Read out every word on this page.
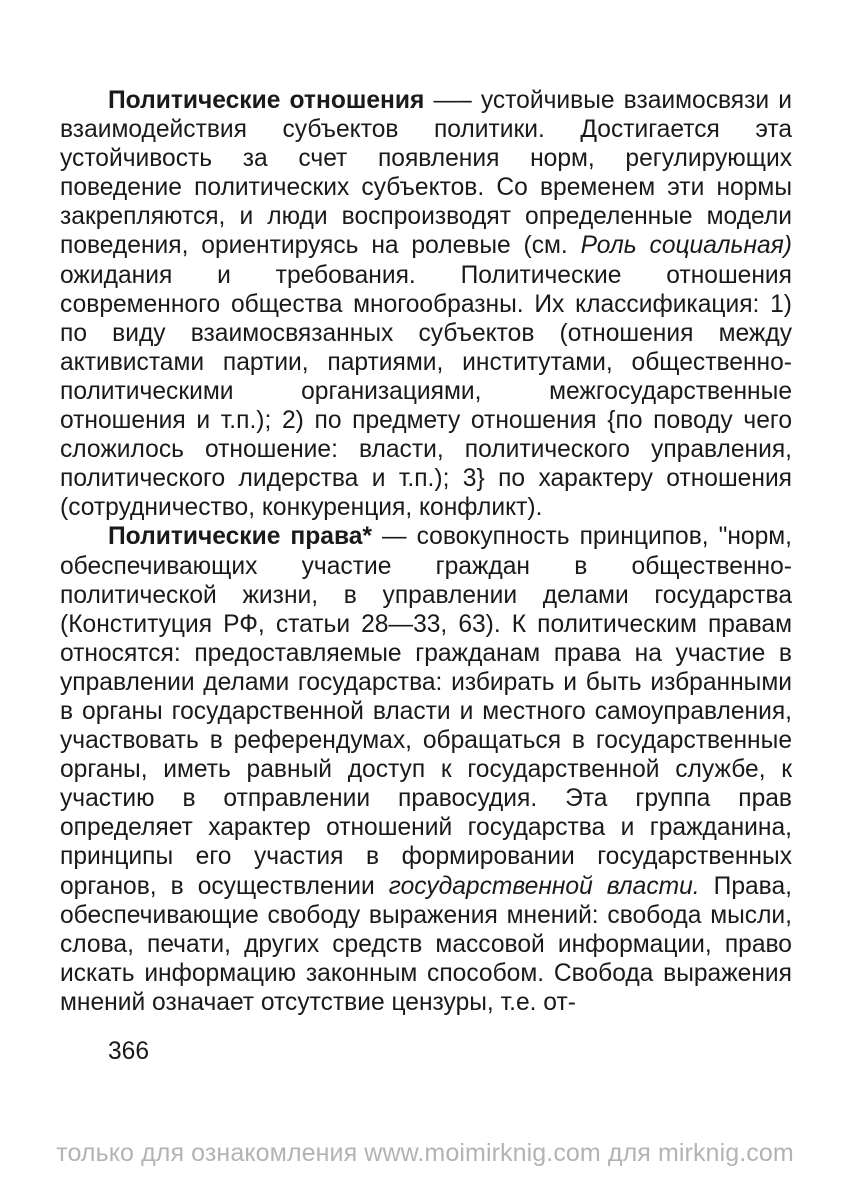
Политические отношения —– устойчивые взаимосвязи и взаимодействия субъектов политики. Достигается эта устойчивость за счет появления норм, регулирующих поведение политических субъектов. Со временем эти нормы закрепляются, и люди воспроизводят определенные модели поведения, ориентируясь на ролевые (см. Роль социальная) ожидания и требования. Политические отношения современного общества многообразны. Их классификация: 1) по виду взаимосвязанных субъектов (отношения между активистами партии, партиями, институтами, общественно-политическими организациями, межгосударственные отношения и т.п.); 2) по предмету отношения {по поводу чего сложилось отношение: власти, политического управления, политического лидерства и т.п.); 3} по характеру отношения (сотрудничество, конкуренция, конфликт).

Политические права* — совокупность принципов, "норм, обеспечивающих участие граждан в общественно-политической жизни, в управлении делами государства (Конституция РФ, статьи 28—33, 63). К политическим правам относятся: предоставляемые гражданам права на участие в управлении делами государства: избирать и быть избранными в органы государственной власти и местного самоуправления, участвовать в референдумах, обращаться в государственные органы, иметь равный доступ к государственной службе, к участию в отправлении правосудия. Эта группа прав определяет характер отношений государства и гражданина, принципы его участия в формировании государственных органов, в осуществлении государственной власти. Права, обеспечивающие свободу выражения мнений: свобода мысли, слова, печати, других средств массовой информации, право искать информацию законным способом. Свобода выражения мнений означает отсутствие цензуры, т.е. от-

366
только для ознакомления www.moimirknig.com для mirknig.com
